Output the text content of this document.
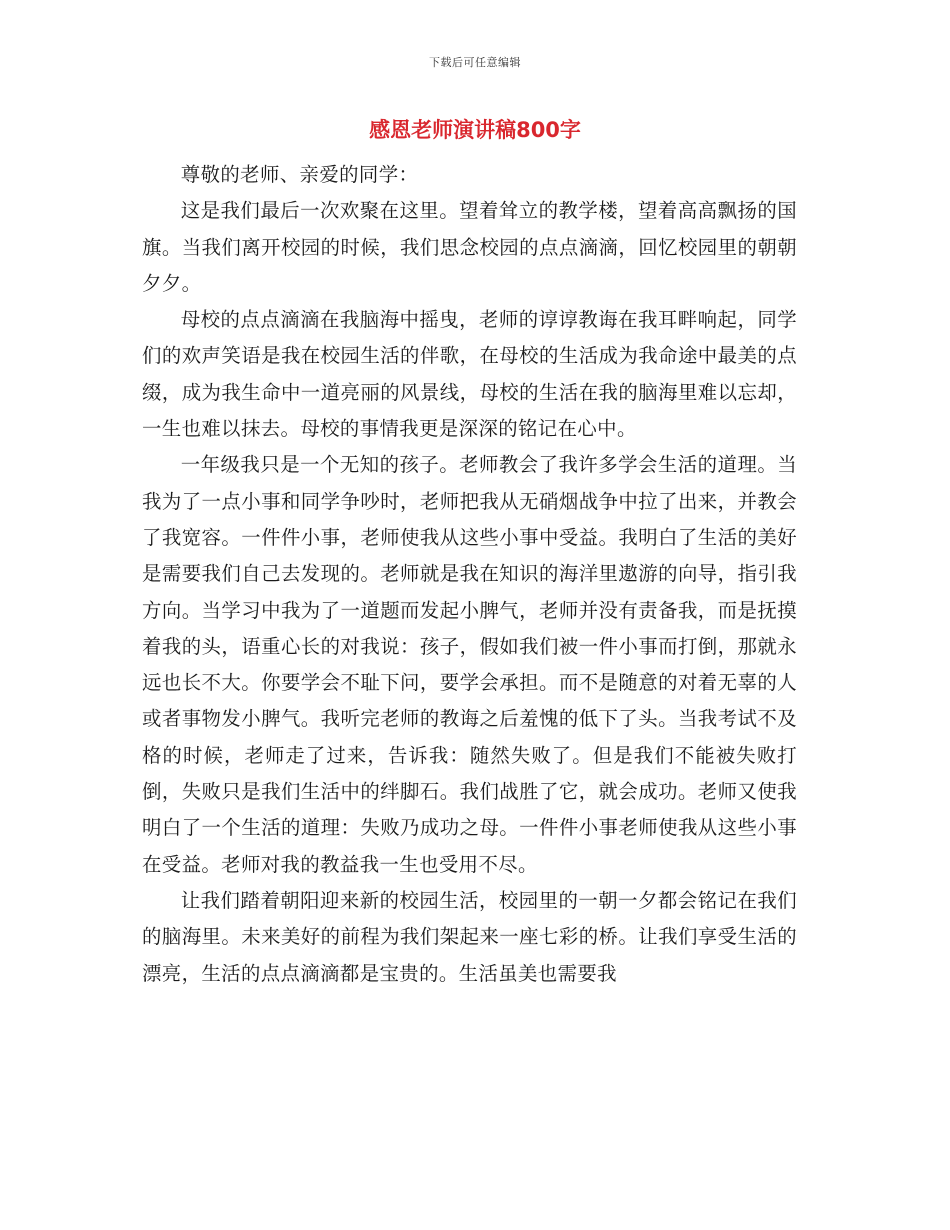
下载后可任意编辑
感恩老师演讲稿800字

尊敬的老师、亲爱的同学：

这是我们最后一次欢聚在这里。望着耸立的教学楼，望着高高飘扬的国旗。当我们离开校园的时候，我们思念校园的点点滴滴，回忆校园里的朝朝夕夕。

母校的点点滴滴在我脑海中摇曳，老师的谆谆教诲在我耳畔响起，同学们的欢声笑语是我在校园生活的伴歌，在母校的生活成为我命途中最美的点缀，成为我生命中一道亮丽的风景线，母校的生活在我的脑海里难以忘却，一生也难以抹去。母校的事情我更是深深的铭记在心中。

一年级我只是一个无知的孩子。老师教会了我许多学会生活的道理。当我为了一点小事和同学争吵时，老师把我从无硝烟战争中拉了出来，并教会了我宽容。一件件小事，老师使我从这些小事中受益。我明白了生活的美好是需要我们自己去发现的。老师就是我在知识的海洋里遨游的向导，指引我方向。当学习中我为了一道题而发起小脾气，老师并没有责备我，而是抚摸着我的头，语重心长的对我说：孩子，假如我们被一件小事而打倒，那就永远也长不大。你要学会不耻下问，要学会承担。而不是随意的对着无辜的人或者事物发小脾气。我听完老师的教诲之后羞愧的低下了头。当我考试不及格的时候，老师走了过来，告诉我：随然失败了。但是我们不能被失败打倒，失败只是我们生活中的绊脚石。我们战胜了它，就会成功。老师又使我明白了一个生活的道理：失败乃成功之母。一件件小事老师使我从这些小事在受益。老师对我的教益我一生也受用不尽。

让我们踏着朝阳迎来新的校园生活，校园里的一朝一夕都会铭记在我们的脑海里。未来美好的前程为我们架起来一座七彩的桥。让我们享受生活的漂亮，生活的点点滴滴都是宝贵的。生活虽美也需要我
